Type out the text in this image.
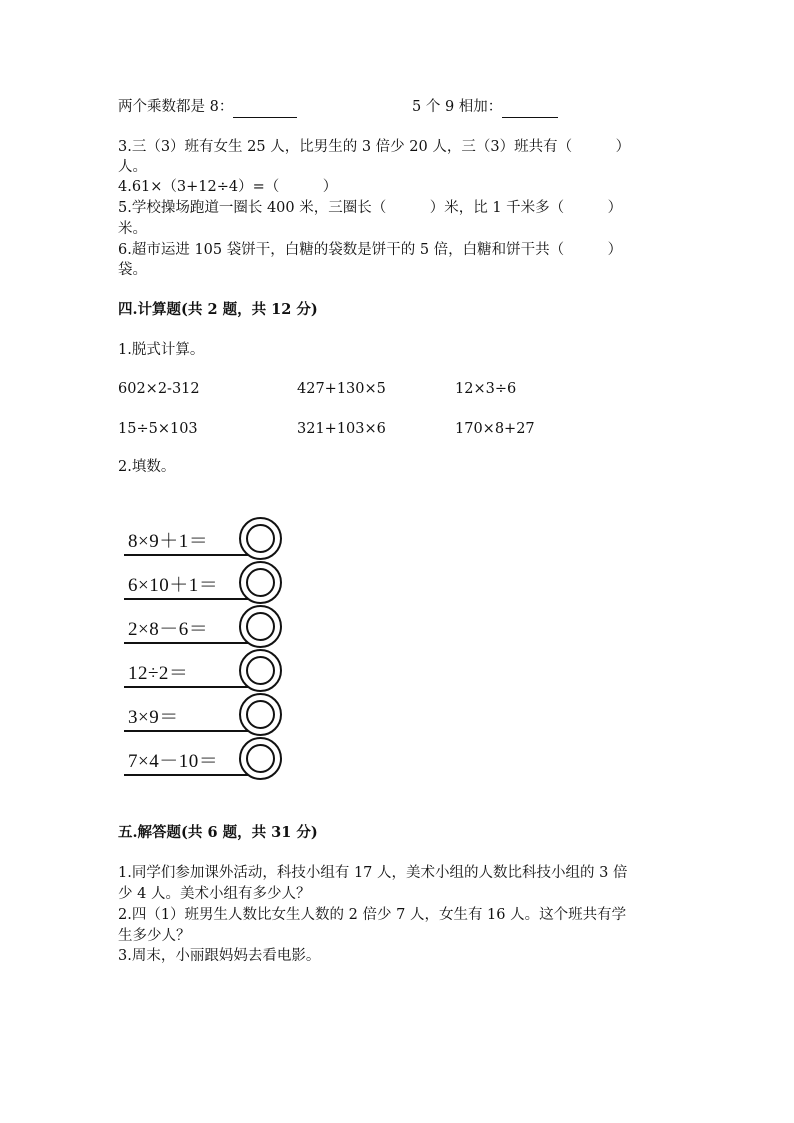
两个乘数都是 8：	5 个 9 相加：
3.三（3）班有女生 25 人，比男生的 3 倍少 20 人，三（3）班共有（　　　）
人。
4.61×（3+12÷4）=（　　　）
5.学校操场跑道一圈长 400 米，三圈长（　　　）米，比 1 千米多（　　　）
米。
6.超市运进 105 袋饼干，白糖的袋数是饼干的 5 倍，白糖和饼干共（　　　）
袋。
四.计算题(共 2 题，共 12 分)
1.脱式计算。
602×2-312	427+130×5	12×3÷6
15÷5×103	321+103×6	170×8+27
2.填数。
8×9＋1＝
6×10＋1＝
2×8－6＝
12÷2＝
3×9＝
7×4－10＝
五.解答题(共 6 题，共 31 分)
1.同学们参加课外活动，科技小组有 17 人，美术小组的人数比科技小组的 3 倍
少 4 人。美术小组有多少人？
2.四（1）班男生人数比女生人数的 2 倍少 7 人，女生有 16 人。这个班共有学
生多少人？
3.周末，小丽跟妈妈去看电影。
